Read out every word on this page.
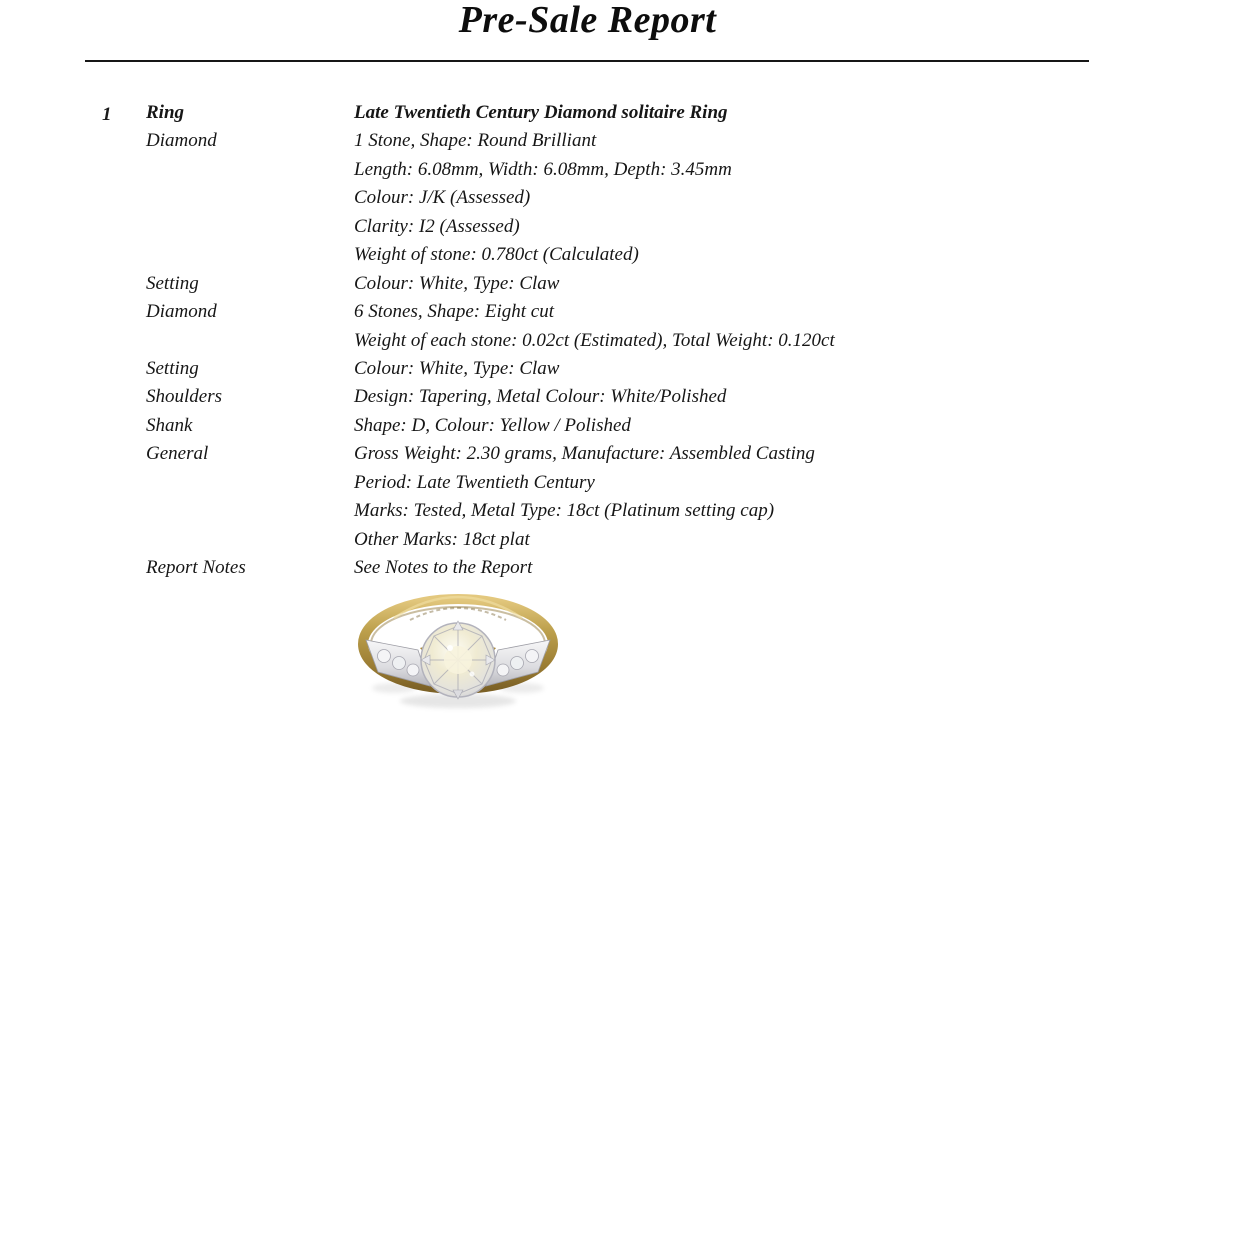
Pre-Sale Report
1 Ring	Late Twentieth Century Diamond solitaire Ring
Diamond	1 Stone, Shape: Round Brilliant
Length: 6.08mm, Width: 6.08mm, Depth: 3.45mm
Colour: J/K (Assessed)
Clarity: I2 (Assessed)
Weight of stone: 0.780ct (Calculated)
Setting	Colour: White, Type: Claw
Diamond	6 Stones, Shape: Eight cut
Weight of each stone: 0.02ct (Estimated), Total Weight: 0.120ct
Setting	Colour: White, Type: Claw
Shoulders	Design: Tapering, Metal Colour: White/Polished
Shank	Shape: D, Colour: Yellow / Polished
General	Gross Weight: 2.30 grams, Manufacture: Assembled Casting
Period: Late Twentieth Century
Marks: Tested, Metal Type: 18ct (Platinum setting cap)
Other Marks: 18ct plat
Report Notes	See Notes to the Report
